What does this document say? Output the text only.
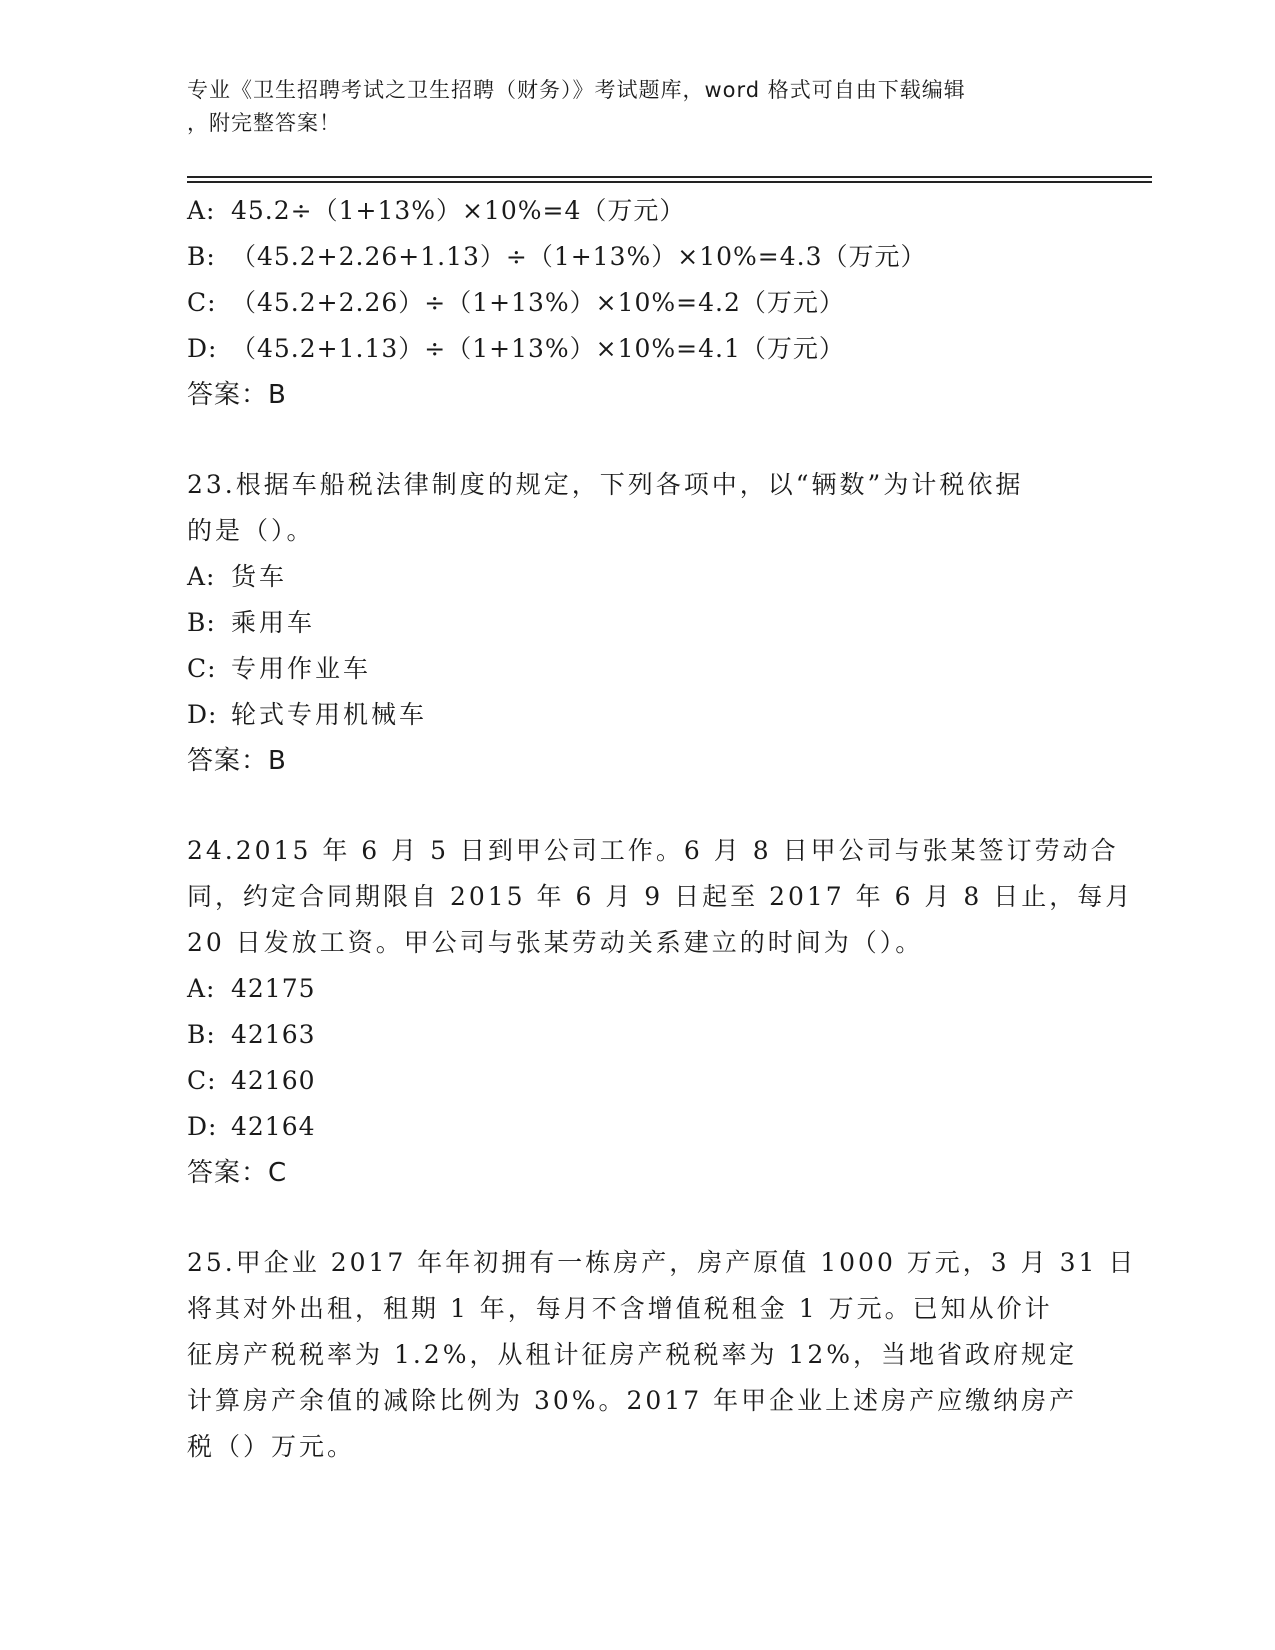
专业《卫生招聘考试之卫生招聘（财务）》考试题库，word 格式可自由下载编辑
，附完整答案！
A: 45.2÷（1+13%）×10%=4（万元）
B: （45.2+2.26+1.13）÷（1+13%）×10%=4.3（万元）
C: （45.2+2.26）÷（1+13%）×10%=4.2（万元）
D: （45.2+1.13）÷（1+13%）×10%=4.1（万元）
答案：B
23.根据车船税法律制度的规定，下列各项中，以“辆数”为计税依据
的是（）。
A: 货车
B: 乘用车
C: 专用作业车
D: 轮式专用机械车
答案：B
24.2015 年 6 月 5 日到甲公司工作。6 月 8 日甲公司与张某签订劳动合
同，约定合同期限自 2015 年 6 月 9 日起至 2017 年 6 月 8 日止，每月
20 日发放工资。甲公司与张某劳动关系建立的时间为（）。
A: 42175
B: 42163
C: 42160
D: 42164
答案：C
25.甲企业 2017 年年初拥有一栋房产，房产原值 1000 万元，3 月 31 日
将其对外出租，租期 1 年，每月不含增值税租金 1 万元。已知从价计
征房产税税率为 1.2%，从租计征房产税税率为 12%，当地省政府规定
计算房产余值的减除比例为 30%。2017 年甲企业上述房产应缴纳房产
税（）万元。
